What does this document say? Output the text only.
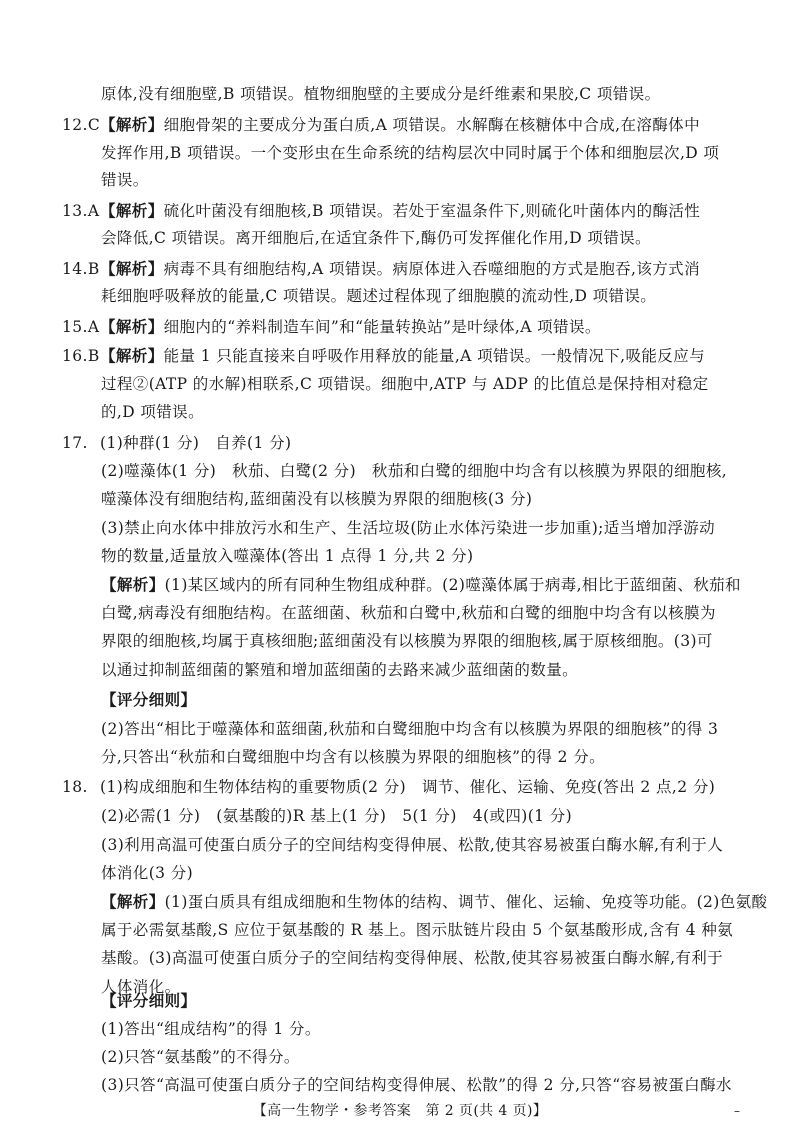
原体,没有细胞壁,B 项错误。植物细胞壁的主要成分是纤维素和果胶,C 项错误。
12.C【解析】细胞骨架的主要成分为蛋白质,A 项错误。水解酶在核糖体中合成,在溶酶体中
发挥作用,B 项错误。一个变形虫在生命系统的结构层次中同时属于个体和细胞层次,D 项
错误。
13.A【解析】硫化叶菌没有细胞核,B 项错误。若处于室温条件下,则硫化叶菌体内的酶活性
会降低,C 项错误。离开细胞后,在适宜条件下,酶仍可发挥催化作用,D 项错误。
14.B【解析】病毒不具有细胞结构,A 项错误。病原体进入吞噬细胞的方式是胞吞,该方式消
耗细胞呼吸释放的能量,C 项错误。题述过程体现了细胞膜的流动性,D 项错误。
15.A【解析】细胞内的“养料制造车间”和“能量转换站”是叶绿体,A 项错误。
16.B【解析】能量 1 只能直接来自呼吸作用释放的能量,A 项错误。一般情况下,吸能反应与
过程②(ATP 的水解)相联系,C 项错误。细胞中,ATP 与 ADP 的比值总是保持相对稳定
的,D 项错误。
17. (1)种群(1 分)　自养(1 分)
(2)噬藻体(1 分)　秋茄、白鹭(2 分)　秋茄和白鹭的细胞中均含有以核膜为界限的细胞核,
噬藻体没有细胞结构,蓝细菌没有以核膜为界限的细胞核(3 分)
(3)禁止向水体中排放污水和生产、生活垃圾(防止水体污染进一步加重);适当增加浮游动
物的数量,适量放入噬藻体(答出 1 点得 1 分,共 2 分)
【解析】(1)某区域内的所有同种生物组成种群。(2)噬藻体属于病毒,相比于蓝细菌、秋茄和
白鹭,病毒没有细胞结构。在蓝细菌、秋茄和白鹭中,秋茄和白鹭的细胞中均含有以核膜为
界限的细胞核,均属于真核细胞;蓝细菌没有以核膜为界限的细胞核,属于原核细胞。(3)可
以通过抑制蓝细菌的繁殖和增加蓝细菌的去路来减少蓝细菌的数量。
【评分细则】
(2)答出“相比于噬藻体和蓝细菌,秋茄和白鹭细胞中均含有以核膜为界限的细胞核”的得 3
分,只答出“秋茄和白鹭细胞中均含有以核膜为界限的细胞核”的得 2 分。
18. (1)构成细胞和生物体结构的重要物质(2 分)　调节、催化、运输、免疫(答出 2 点,2 分)
(2)必需(1 分)　(氨基酸的)R 基上(1 分)　5(1 分)　4(或四)(1 分)
(3)利用高温可使蛋白质分子的空间结构变得伸展、松散,使其容易被蛋白酶水解,有利于人
体消化(3 分)
【解析】(1)蛋白质具有组成细胞和生物体的结构、调节、催化、运输、免疫等功能。(2)色氨酸
属于必需氨基酸,S 应位于氨基酸的 R 基上。图示肽链片段由 5 个氨基酸形成,含有 4 种氨
基酸。(3)高温可使蛋白质分子的空间结构变得伸展、松散,使其容易被蛋白酶水解,有利于
人体消化。
【评分细则】
(1)答出“组成结构”的得 1 分。
(2)只答“氨基酸”的不得分。
(3)只答“高温可使蛋白质分子的空间结构变得伸展、松散”的得 2 分,只答“容易被蛋白酶水
【高一生物学・参考答案　第 2 页(共 4 页)】	–
